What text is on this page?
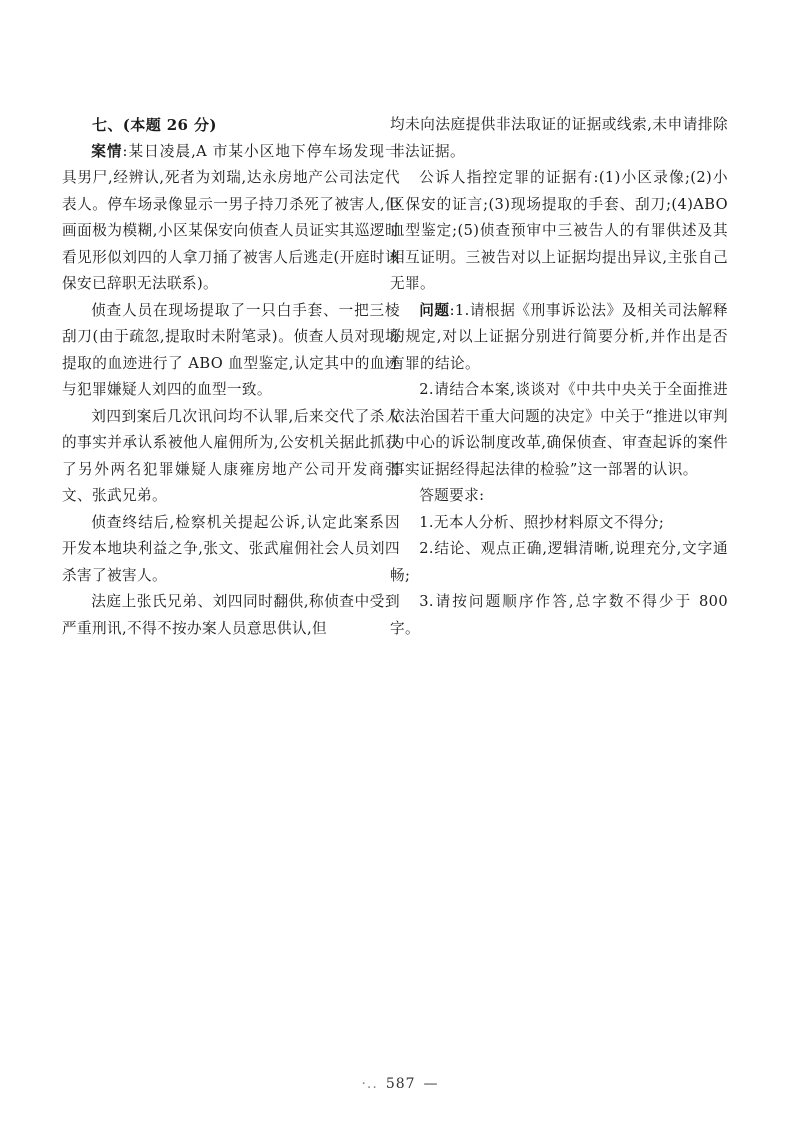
七、(本题 26 分)

案情:某日凌晨,A 市某小区地下停车场发现一具男尸,经辨认,死者为刘瑞,达永房地产公司法定代表人。停车场录像显示一男子持刀杀死了被害人,但画面极为模糊,小区某保安向侦查人员证实其巡逻时看见形似刘四的人拿刀捅了被害人后逃走(开庭时该保安已辞职无法联系)。

侦查人员在现场提取了一只白手套、一把三棱刮刀(由于疏忽,提取时未附笔录)。侦查人员对现场提取的血迹进行了 ABO 血型鉴定,认定其中的血迹与犯罪嫌疑人刘四的血型一致。

刘四到案后几次讯问均不认罪,后来交代了杀人的事实并承认系被他人雇佣所为,公安机关据此抓获了另外两名犯罪嫌疑人康雍房地产公司开发商张文、张武兄弟。

侦查终结后,检察机关提起公诉,认定此案系因开发本地块利益之争,张文、张武雇佣社会人员刘四杀害了被害人。

法庭上张氏兄弟、刘四同时翻供,称侦查中受到严重刑讯,不得不按办案人员意思供认,但

均未向法庭提供非法取证的证据或线索,未申请排除非法证据。

公诉人指控定罪的证据有:(1)小区录像;(2)小区保安的证言;(3)现场提取的手套、刮刀;(4)ABO 血型鉴定;(5)侦查预审中三被告人的有罪供述及其相互证明。三被告对以上证据均提出异议,主张自己无罪。

问题:1.请根据《刑事诉讼法》及相关司法解释的规定,对以上证据分别进行简要分析,并作出是否有罪的结论。

2.请结合本案,谈谈对《中共中央关于全面推进依法治国若干重大问题的决定》中关于“推进以审判为中心的诉讼制度改革,确保侦查、审查起诉的案件事实证据经得起法律的检验”这一部署的认识。

答题要求:

1.无本人分析、照抄材料原文不得分;

2.结论、观点正确,逻辑清晰,说理充分,文字通畅;

3.请按问题顺序作答,总字数不得少于 800 字。

·.. 587 —
